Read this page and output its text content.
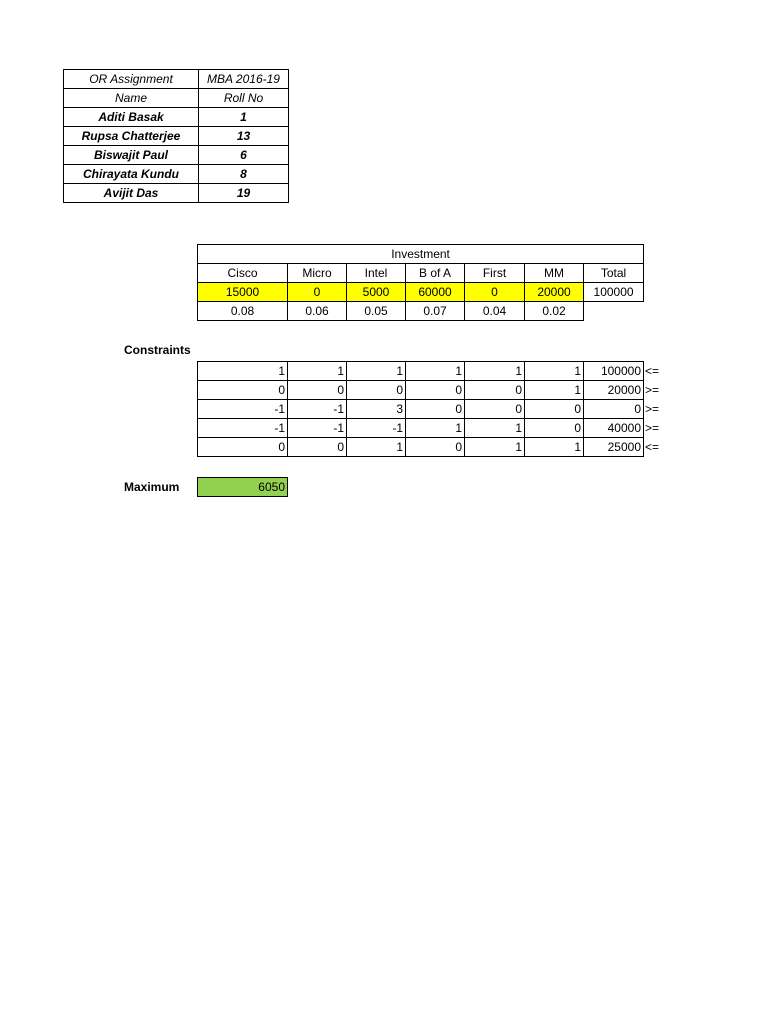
OR Assignment	MBA 2016-19
Name	Roll No
Aditi Basak	1
Rupsa Chatterjee	13
Biswajit Paul	6
Chirayata Kundu	8
Avijit Das	19
Investment						
Cisco	Micro	Intel	B of A	First	MM	Total
15000	0	5000	60000	0	20000	100000
0.08	0.06	0.05	0.07	0.04	0.02	
Constraints
1	1	1	1	1	1	100000	<=
0	0	0	0	0	1	20000	>=
-1	-1	3	0	0	0	0	>=
-1	-1	-1	1	1	0	40000	>=
0	0	1	0	1	1	25000	<=
Maximum	6050
